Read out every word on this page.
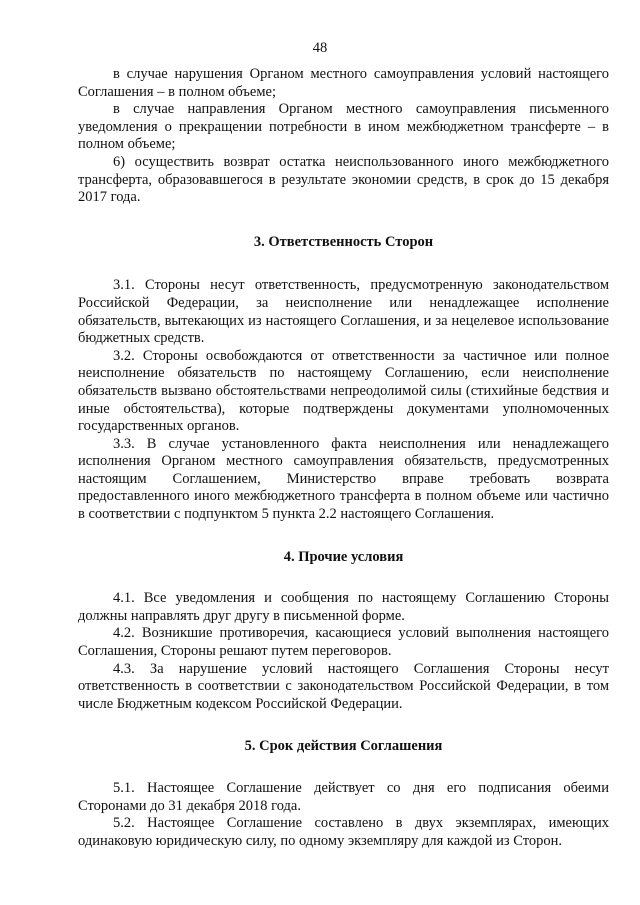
48

в случае нарушения Органом местного самоуправления условий настоящего Соглашения – в полном объеме;

в случае направления Органом местного самоуправления письменного уведомления о прекращении потребности в ином межбюджетном трансферте – в полном объеме;

6) осуществить возврат остатка неиспользованного иного межбюджетного трансферта, образовавшегося в результате экономии средств, в срок до 15 декабря 2017 года.

3. Ответственность Сторон

3.1. Стороны несут ответственность, предусмотренную законодательством Российской Федерации, за неисполнение или ненадлежащее исполнение обязательств, вытекающих из настоящего Соглашения, и за нецелевое использование бюджетных средств.

3.2. Стороны освобождаются от ответственности за частичное или полное неисполнение обязательств по настоящему Соглашению, если неисполнение обязательств вызвано обстоятельствами непреодолимой силы (стихийные бедствия и иные обстоятельства), которые подтверждены документами уполномоченных государственных органов.

3.3. В случае установленного факта неисполнения или ненадлежащего исполнения Органом местного самоуправления обязательств, предусмотренных настоящим Соглашением, Министерство вправе требовать возврата предоставленного иного межбюджетного трансферта в полном объеме или частично в соответствии с подпунктом 5 пункта 2.2 настоящего Соглашения.

4. Прочие условия

4.1. Все уведомления и сообщения по настоящему Соглашению Стороны должны направлять друг другу в письменной форме.

4.2. Возникшие противоречия, касающиеся условий выполнения настоящего Соглашения, Стороны решают путем переговоров.

4.3. За нарушение условий настоящего Соглашения Стороны несут ответственность в соответствии с законодательством Российской Федерации, в том числе Бюджетным кодексом Российской Федерации.

5. Срок действия Соглашения

5.1. Настоящее Соглашение действует со дня его подписания обеими Сторонами до 31 декабря 2018 года.

5.2. Настоящее Соглашение составлено в двух экземплярах, имеющих одинаковую юридическую силу, по одному экземпляру для каждой из Сторон.
